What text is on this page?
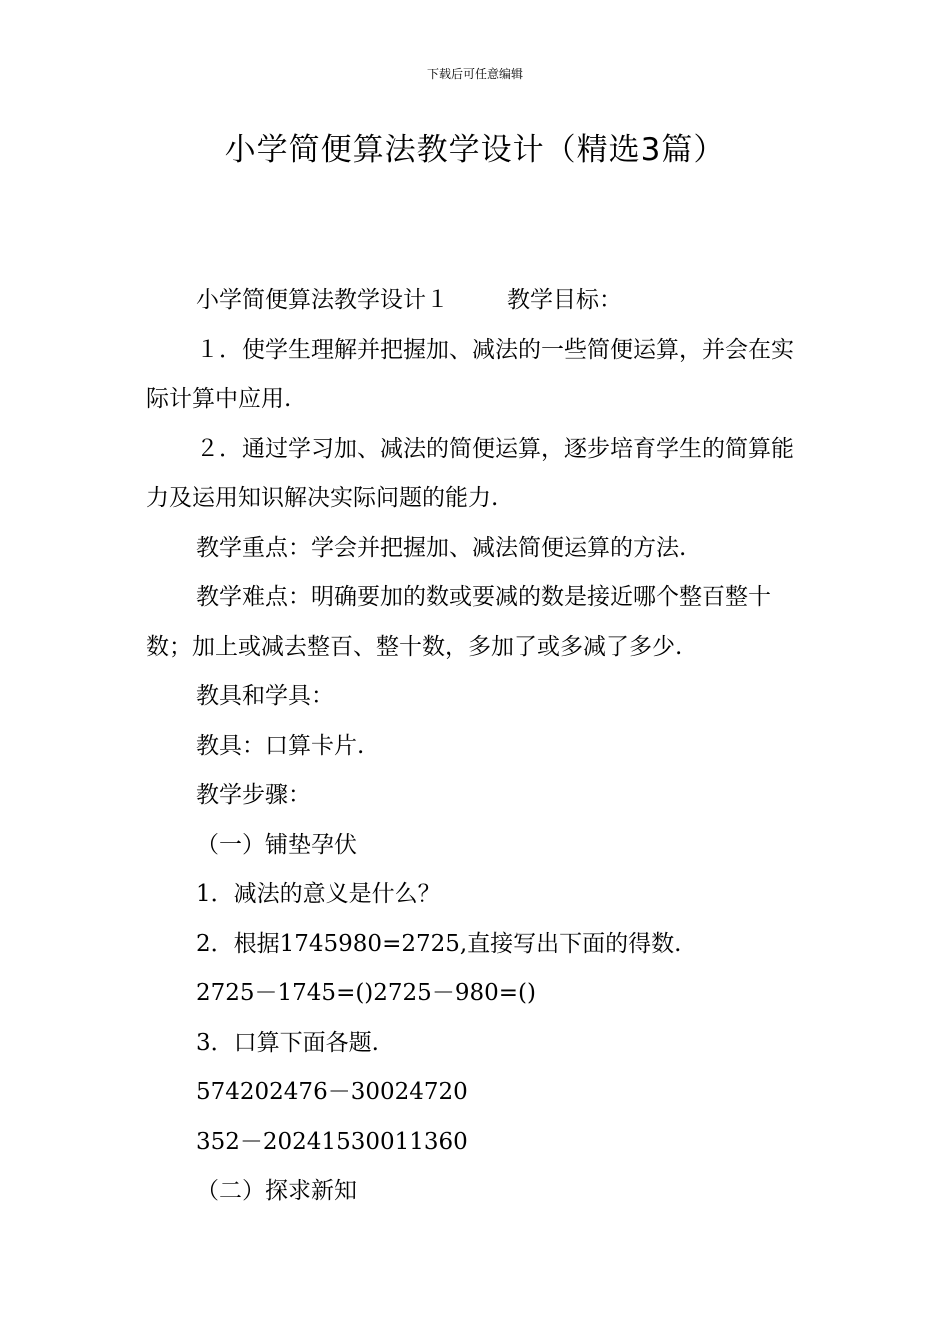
下载后可任意编辑
小学简便算法教学设计（精选3篇）

小学简便算法教学设计１	教学目标：

１．使学生理解并把握加、减法的一些简便运算，并会在实际计算中应用.

２．通过学习加、减法的简便运算，逐步培育学生的简算能力及运用知识解决实际问题的能力.

教学重点：学会并把握加、减法简便运算的方法.

教学难点：明确要加的数或要减的数是接近哪个整百整十数；加上或减去整百、整十数，多加了或多减了多少.

教具和学具：

教具：口算卡片.

教学步骤：

（一）铺垫孕伏

1．减法的意义是什么？

2．根据1745980=2725,直接写出下面的得数.

2725－1745=()2725－980=()

3．口算下面各题.

574202476－30024720

352－20241530011360

（二）探求新知
